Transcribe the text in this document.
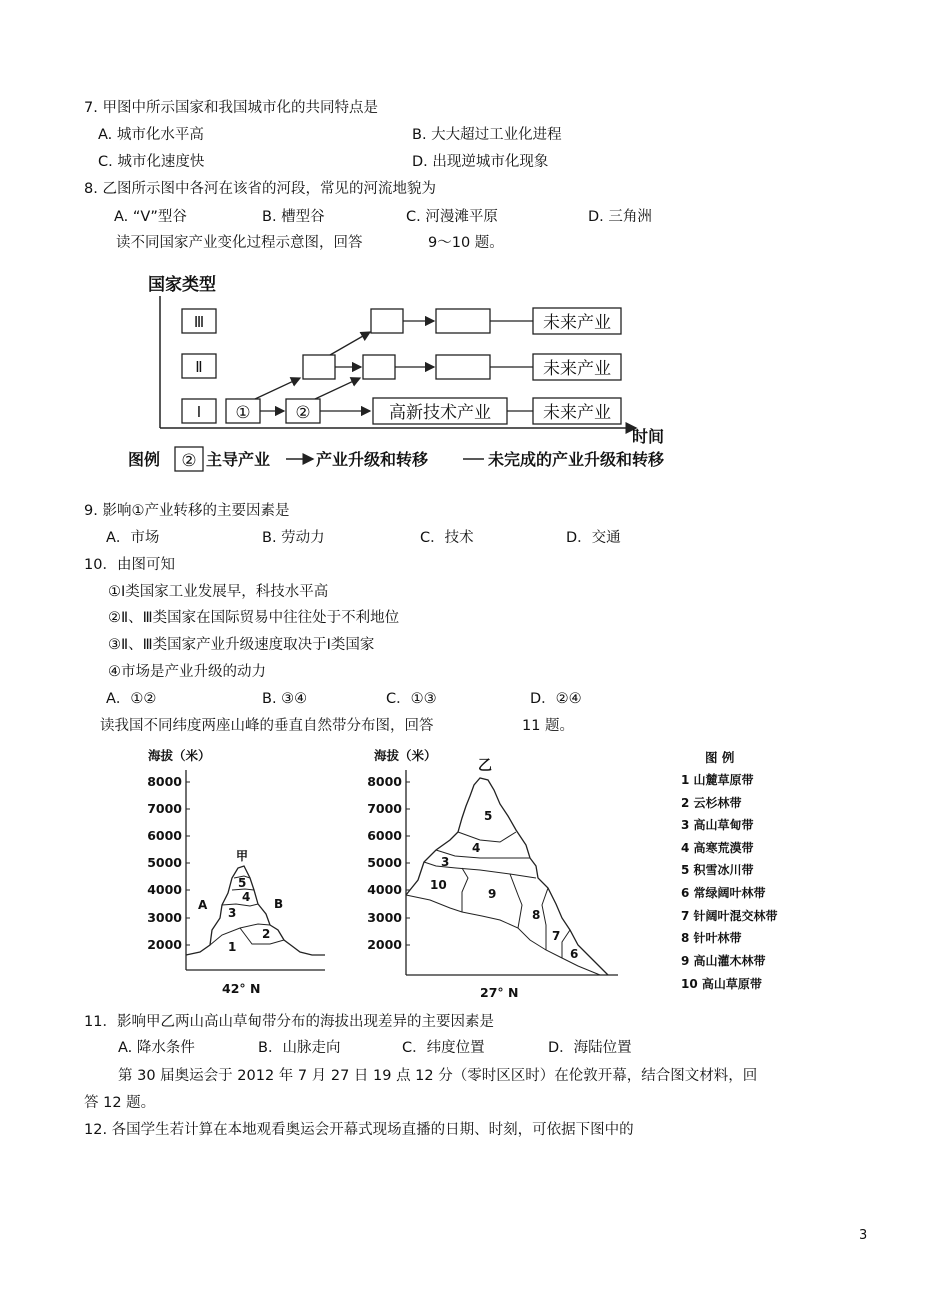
7. 甲图中所示国家和我国城市化的共同特点是
A. 城市化水平高	B. 大大超过工业化进程
C. 城市化速度快	D. 出现逆城市化现象
8. 乙图所示图中各河在该省的河段，常见的河流地貌为
A. “V”型谷	B. 槽型谷	C. 河漫滩平原	D. 三角洲
读不同国家产业变化过程示意图，回答	9～10 题。
国家类型
时间
Ⅲ
Ⅱ
Ⅰ ①	②	高新技术产业	未来产业
未来产业
未来产业
图例 ② 主导产业	产业升级和转移	未完成的产业升级和转移
9. 影响①产业转移的主要因素是
A．市场	B. 劳动力	C．技术	D．交通
10．由图可知
①Ⅰ类国家工业发展早，科技水平高
②Ⅱ、Ⅲ类国家在国际贸易中往往处于不利地位
③Ⅱ、Ⅲ类国家产业升级速度取决于Ⅰ类国家
④市场是产业升级的动力
A．①②	B. ③④	C．①③	D．②④
读我国不同纬度两座山峰的垂直自然带分布图，回答	11 题。
海拔（米）
8000
7000
6000
5000
4000
3000
2000
甲
A	B
1
2
3
4
5
42° N
海拔（米）
8000
7000
6000
5000
4000
3000
2000
10
9
8
7
6
3
4
5
乙
27° N
图 例
1 山麓草原带
2 云杉林带
3 高山草甸带
4 高寒荒漠带
5 积雪冰川带
6 常绿阔叶林带
7 针阔叶混交林带
8 针叶林带
9 高山灌木林带
10 高山草原带
11．影响甲乙两山高山草甸带分布的海拔出现差异的主要因素是
A. 降水条件	B．山脉走向	C．纬度位置	D．海陆位置
第 30 届奥运会于 2012 年 7 月 27 日 19 点 12 分（零时区区时）在伦敦开幕，结合图文材料，回
答 12 题。
12. 各国学生若计算在本地观看奥运会开幕式现场直播的日期、时刻，可依据下图中的
3
